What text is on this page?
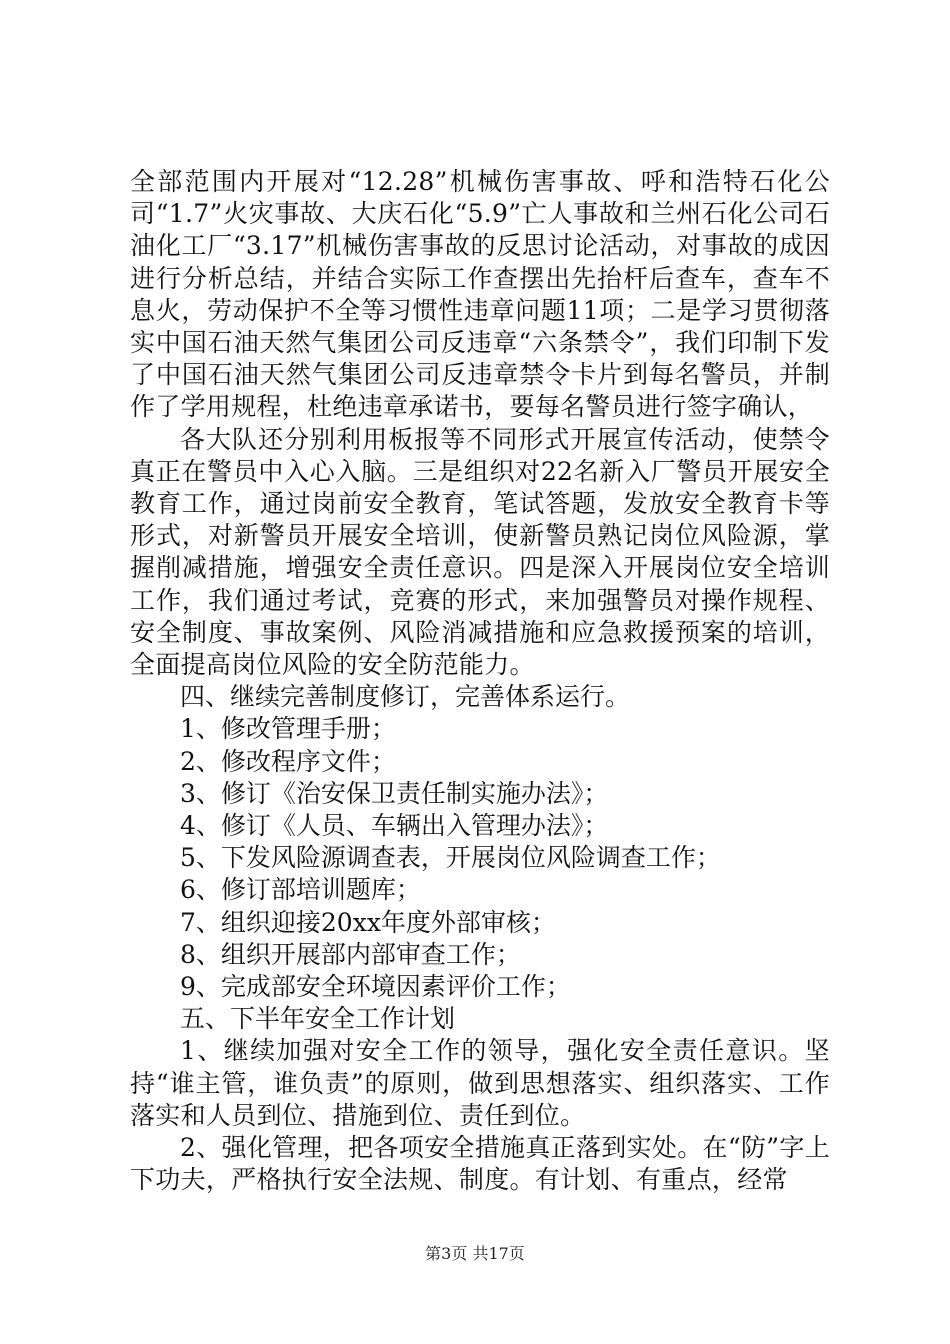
全部范围内开展对“12.28”机械伤害事故、呼和浩特石化公司“1.7”火灾事故、大庆石化“5.9”亡人事故和兰州石化公司石油化工厂“3.17”机械伤害事故的反思讨论活动，对事故的成因进行分析总结，并结合实际工作查摆出先抬杆后查车，查车不息火，劳动保护不全等习惯性违章问题11项；二是学习贯彻落实中国石油天然气集团公司反违章“六条禁令”，我们印制下发了中国石油天然气集团公司反违章禁令卡片到每名警员，并制作了学用规程，杜绝违章承诺书，要每名警员进行签字确认，

各大队还分别利用板报等不同形式开展宣传活动，使禁令真正在警员中入心入脑。三是组织对22名新入厂警员开展安全教育工作，通过岗前安全教育，笔试答题，发放安全教育卡等形式，对新警员开展安全培训，使新警员熟记岗位风险源，掌握削减措施，增强安全责任意识。四是深入开展岗位安全培训工作，我们通过考试，竞赛的形式，来加强警员对操作规程、安全制度、事故案例、风险消减措施和应急救援预案的培训，全面提高岗位风险的安全防范能力。

四、继续完善制度修订，完善体系运行。

1、修改管理手册；

2、修改程序文件；

3、修订《治安保卫责任制实施办法》；

4、修订《人员、车辆出入管理办法》；

5、下发风险源调查表，开展岗位风险调查工作；

6、修订部培训题库；

7、组织迎接20xx年度外部审核；

8、组织开展部内部审查工作；

9、完成部安全环境因素评价工作；

五、下半年安全工作计划

1、继续加强对安全工作的领导，强化安全责任意识。坚持“谁主管，谁负责”的原则，做到思想落实、组织落实、工作落实和人员到位、措施到位、责任到位。

2、强化管理，把各项安全措施真正落到实处。在“防”字上下功夫，严格执行安全法规、制度。有计划、有重点，经常

第3页 共17页
